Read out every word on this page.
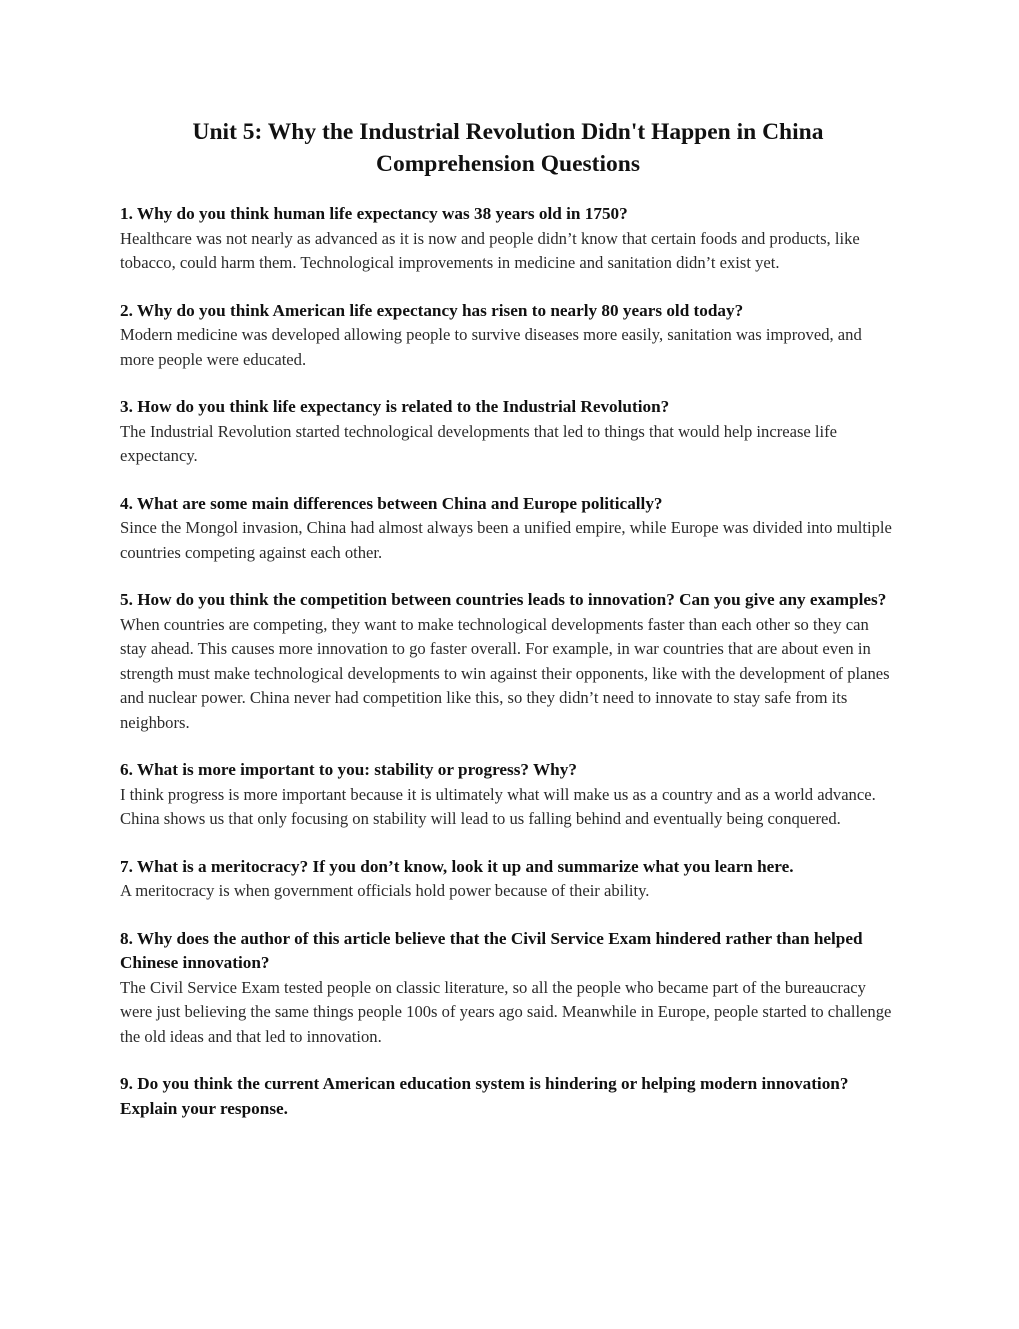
Unit 5: Why the Industrial Revolution Didn't Happen in China
Comprehension Questions

1. Why do you think human life expectancy was 38 years old in 1750?

Healthcare was not nearly as advanced as it is now and people didn’t know that certain foods and products, like tobacco, could harm them. Technological improvements in medicine and sanitation didn’t exist yet.

2. Why do you think American life expectancy has risen to nearly 80 years old today?

Modern medicine was developed allowing people to survive diseases more easily, sanitation was improved, and more people were educated.

3. How do you think life expectancy is related to the Industrial Revolution?

The Industrial Revolution started technological developments that led to things that would help increase life expectancy.

4. What are some main differences between China and Europe politically?

Since the Mongol invasion, China had almost always been a unified empire, while Europe was divided into multiple countries competing against each other.

5. How do you think the competition between countries leads to innovation? Can you give any examples?

When countries are competing, they want to make technological developments faster than each other so they can stay ahead. This causes more innovation to go faster overall. For example, in war countries that are about even in strength must make technological developments to win against their opponents, like with the development of planes and nuclear power. China never had competition like this, so they didn’t need to innovate to stay safe from its neighbors.

6. What is more important to you: stability or progress? Why?

I think progress is more important because it is ultimately what will make us as a country and as a world advance. China shows us that only focusing on stability will lead to us falling behind and eventually being conquered.

7. What is a meritocracy? If you don’t know, look it up and summarize what you learn here.

A meritocracy is when government officials hold power because of their ability.

8. Why does the author of this article believe that the Civil Service Exam hindered rather than helped Chinese innovation?

The Civil Service Exam tested people on classic literature, so all the people who became part of the bureaucracy were just believing the same things people 100s of years ago said. Meanwhile in Europe, people started to challenge the old ideas and that led to innovation.

9. Do you think the current American education system is hindering or helping modern innovation? Explain your response.
